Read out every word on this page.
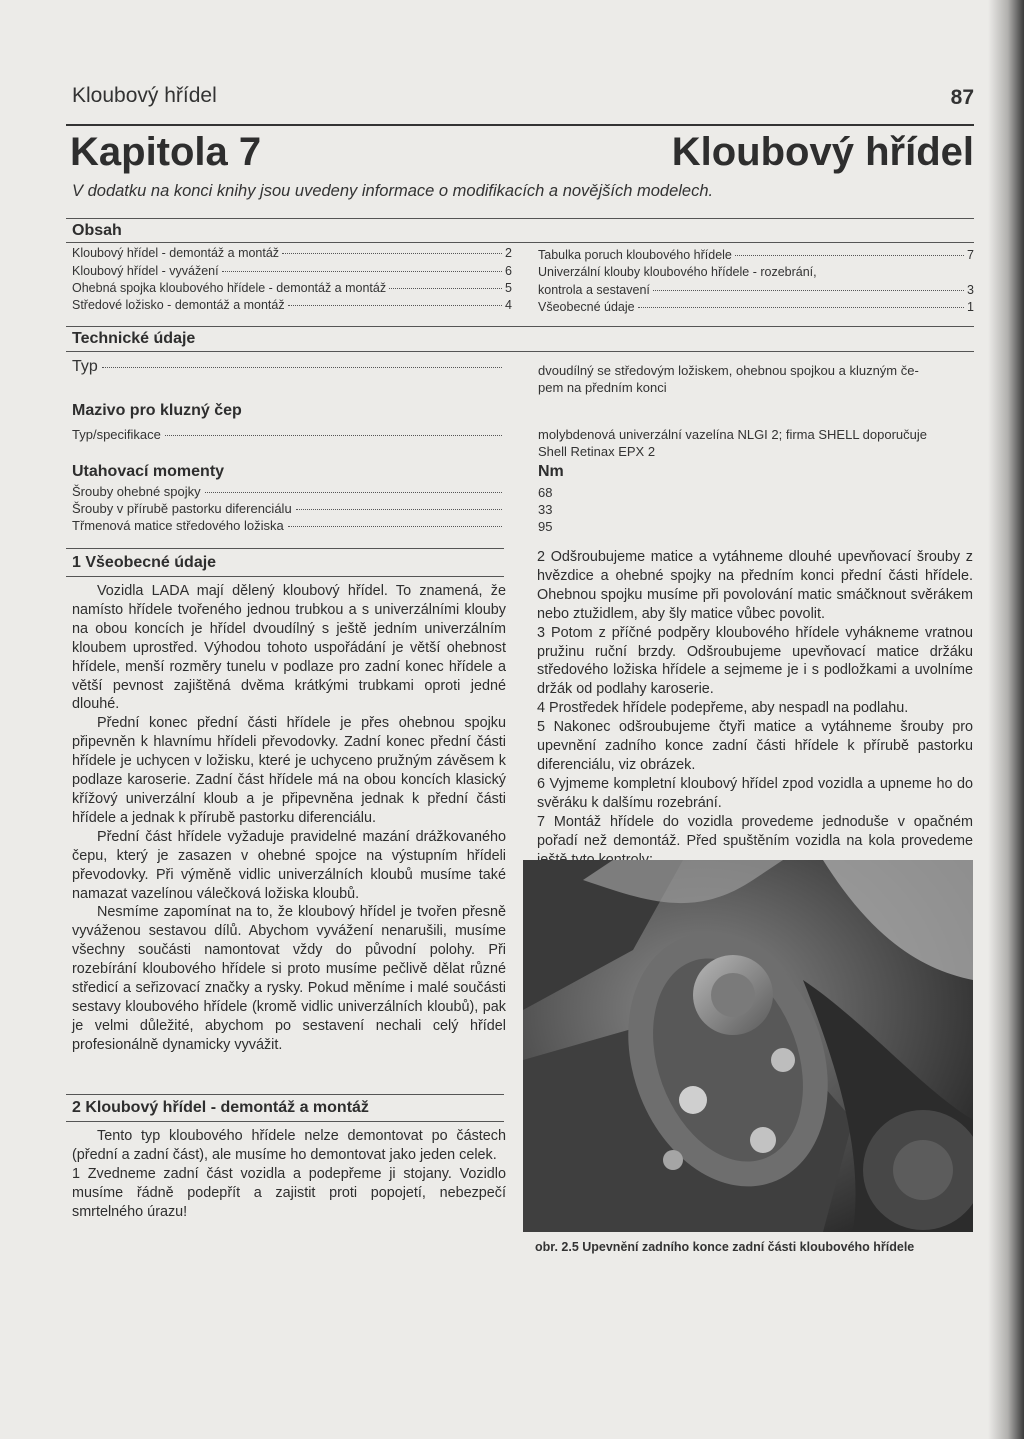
Kloubový hřídel	87
Kapitola 7	Kloubový hřídel
V dodatku na konci knihy jsou uvedeny informace o modifikacích a novějších modelech.
Obsah
Kloubový hřídel - demontáž a montáž	2
Kloubový hřídel - vyvážení	6
Ohebná spojka kloubového hřídele - demontáž a montáž	5
Středové ložisko - demontáž a montáž	4
Tabulka poruch kloubového hřídele	7
Univerzální klouby kloubového hřídele - rozebrání,
kontrola a sestavení	3
Všeobecné údaje	1
Technické údaje
Typ	dvoudílný se středovým ložiskem, ohebnou spojkou a kluzným če-
pem na předním konci
Mazivo pro kluzný čep
Typ/specifikace	molybdenová univerzální vazelína NLGI 2; firma SHELL doporučuje
Shell Retinax EPX 2
Utahovací momenty	Nm
Šrouby ohebné spojky	68
Šrouby v přírubě pastorku diferenciálu	33
Třmenová matice středového ložiska	95
1 Všeobecné údaje

Vozidla LADA mají dělený kloubový hřídel. To znamená, že namísto hřídele tvořeného jednou trubkou a s univerzálními klouby na obou koncích je hřídel dvoudílný s ještě jedním univerzálním kloubem uprostřed. Výhodou tohoto uspořádání je větší ohebnost hřídele, menší rozměry tunelu v podlaze pro zadní konec hřídele a větší pevnost zajištěná dvěma krátkými trubkami oproti jedné dlouhé.

Přední konec přední části hřídele je přes ohebnou spojku připevněn k hlavnímu hřídeli převodovky. Zadní konec přední části hřídele je uchycen v ložisku, které je uchyceno pružným závěsem k podlaze karoserie. Zadní část hřídele má na obou koncích klasický křížový univerzální kloub a je připevněna jednak k přední části hřídele a jednak k přírubě pastorku diferenciálu.

Přední část hřídele vyžaduje pravidelné mazání drážkovaného čepu, který je zasazen v ohebné spojce na výstupním hřídeli převodovky. Při výměně vidlic univerzálních kloubů musíme také namazat vazelínou válečková ložiska kloubů.

Nesmíme zapomínat na to, že kloubový hřídel je tvořen přesně vyváženou sestavou dílů. Abychom vyvážení nenarušili, musíme všechny součásti namontovat vždy do původní polohy. Při rozebírání kloubového hřídele si proto musíme pečlivě dělat různé středicí a seřizovací značky a rysky. Pokud měníme i malé součásti sestavy kloubového hřídele (kromě vidlic univerzálních kloubů), pak je velmi důležité, abychom po sestavení nechali celý hřídel profesionálně dynamicky vyvážit.

2 Kloubový hřídel - demontáž a montáž

Tento typ kloubového hřídele nelze demontovat po částech (přední a zadní část), ale musíme ho demontovat jako jeden celek.

1 Zvedneme zadní část vozidla a podepřeme ji stojany. Vozidlo musíme řádně podepřít a zajistit proti popojetí, nebezpečí smrtelného úrazu!

2 Odšroubujeme matice a vytáhneme dlouhé upevňovací šrouby z hvězdice a ohebné spojky na předním konci přední části hřídele. Ohebnou spojku musíme při povolování matic smáčknout svěrákem nebo ztužidlem, aby šly matice vůbec povolit.

3 Potom z příčné podpěry kloubového hřídele vyhákneme vratnou pružinu ruční brzdy. Odšroubujeme upevňovací matice držáku středového ložiska hřídele a sejmeme je i s podložkami a uvolníme držák od podlahy karoserie.

4 Prostředek hřídele podepřeme, aby nespadl na podlahu.

5 Nakonec odšroubujeme čtyři matice a vytáhneme šrouby pro upevnění zadního konce zadní části hřídele k přírubě pastorku diferenciálu, viz obrázek.

6 Vyjmeme kompletní kloubový hřídel zpod vozidla a upneme ho do svěráku k dalšímu rozebrání.

7 Montáž hřídele do vozidla provedeme jednoduše v opačném pořadí než demontáž. Před spuštěním vozidla na kola provedeme

obr. 2.5 Upevnění zadního konce zadní části kloubového hřídele
